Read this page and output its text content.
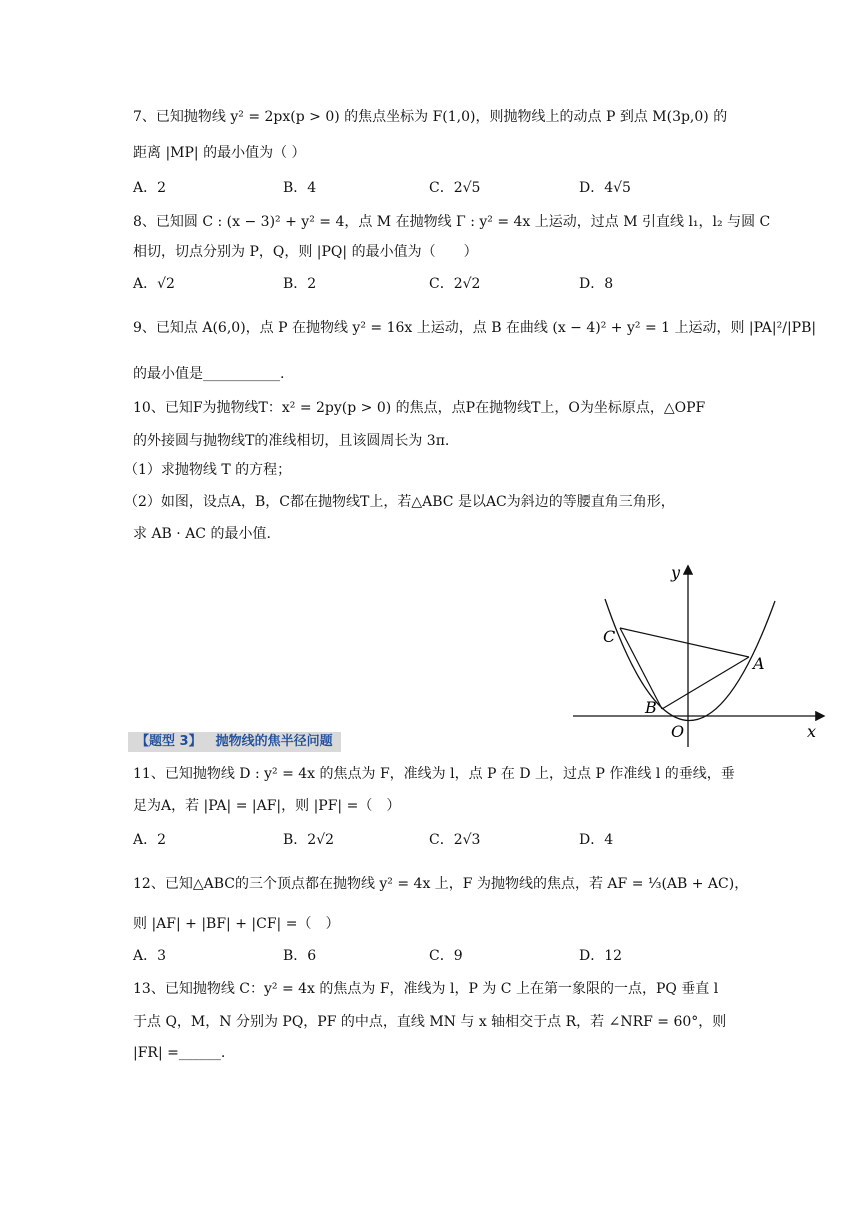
7、已知抛物线 y² = 2px(p > 0) 的焦点坐标为 F(1,0)，则抛物线上的动点 P 到点 M(3p,0) 的
距离 |MP| 的最小值为（ ）
A．2	B．4	C．2√5	D．4√5
8、已知圆 C : (x − 3)² + y² = 4，点 M 在抛物线 Γ : y² = 4x 上运动，过点 M 引直线 l₁，l₂ 与圆 C
相切，切点分别为 P，Q，则 |PQ| 的最小值为（　　）
A．√2	B．2	C．2√2	D．8
9、已知点 A(6,0)，点 P 在抛物线 y² = 16x 上运动，点 B 在曲线 (x − 4)² + y² = 1 上运动，则 |PA|²/|PB|
的最小值是___________.
10、已知F为抛物线T：x² = 2py(p > 0) 的焦点，点P在抛物线T上，O为坐标原点，△OPF
的外接圆与抛物线T的准线相切，且该圆周长为 3π.
（1）求抛物线 T 的方程；
（2）如图，设点A，B，C都在抛物线T上，若△ABC 是以AC为斜边的等腰直角三角形，
求 AB · AC 的最小值.
y
x
O
A
B
C
【题型 3】 抛物线的焦半径问题
11、已知抛物线 D : y² = 4x 的焦点为 F，准线为 l，点 P 在 D 上，过点 P 作准线 l 的垂线，垂
足为A，若 |PA| = |AF|，则 |PF| =（　）
A．2	B．2√2	C．2√3	D．4
12、已知△ABC的三个顶点都在抛物线 y² = 4x 上，F 为抛物线的焦点，若 AF = ⅓(AB + AC)，
则 |AF| + |BF| + |CF| =（　）
A．3	B．6	C．9	D．12
13、已知抛物线 C：y² = 4x 的焦点为 F，准线为 l，P 为 C 上在第一象限的一点，PQ 垂直 l
于点 Q，M，N 分别为 PQ，PF 的中点，直线 MN 与 x 轴相交于点 R，若 ∠NRF = 60°，则
|FR| =______.
